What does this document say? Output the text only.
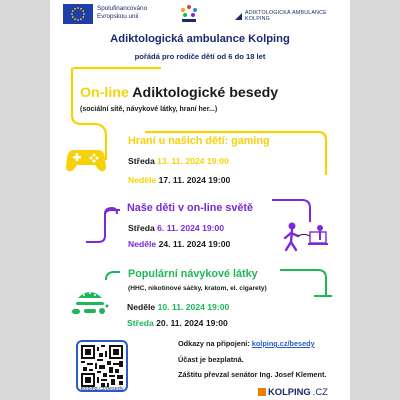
Spolufinancováno
Evropskou unií	ADIKTOLOGICKÁ AMBULANCE KOLPING
Adiktologická ambulance Kolping
pořádá pro rodiče dětí od 6 do 18 let
On-line Adiktologické besedy
(sociální sítě, návykové látky, hraní her...)
Hraní u našich dětí: gaming
Středa 13. 11. 2024 19:00
Neděle 17. 11. 2024 19:00
Naše děti v on-line světě
Středa 6. 11. 2024 19:00
Neděle 24. 11. 2024 19:00
Populární návykové látky
(HHC, nikotinové sáčky, kratom, el. cigarety)
Neděle 10. 11. 2024 19:00
Středa 20. 11. 2024 19:00
kolping.cz/besedy
Odkazy na připojení: kolping.cz/besedy
Účast je bezplatná.
Záštitu převzal senátor Ing. Josef Klement.
KOLPING .CZ
